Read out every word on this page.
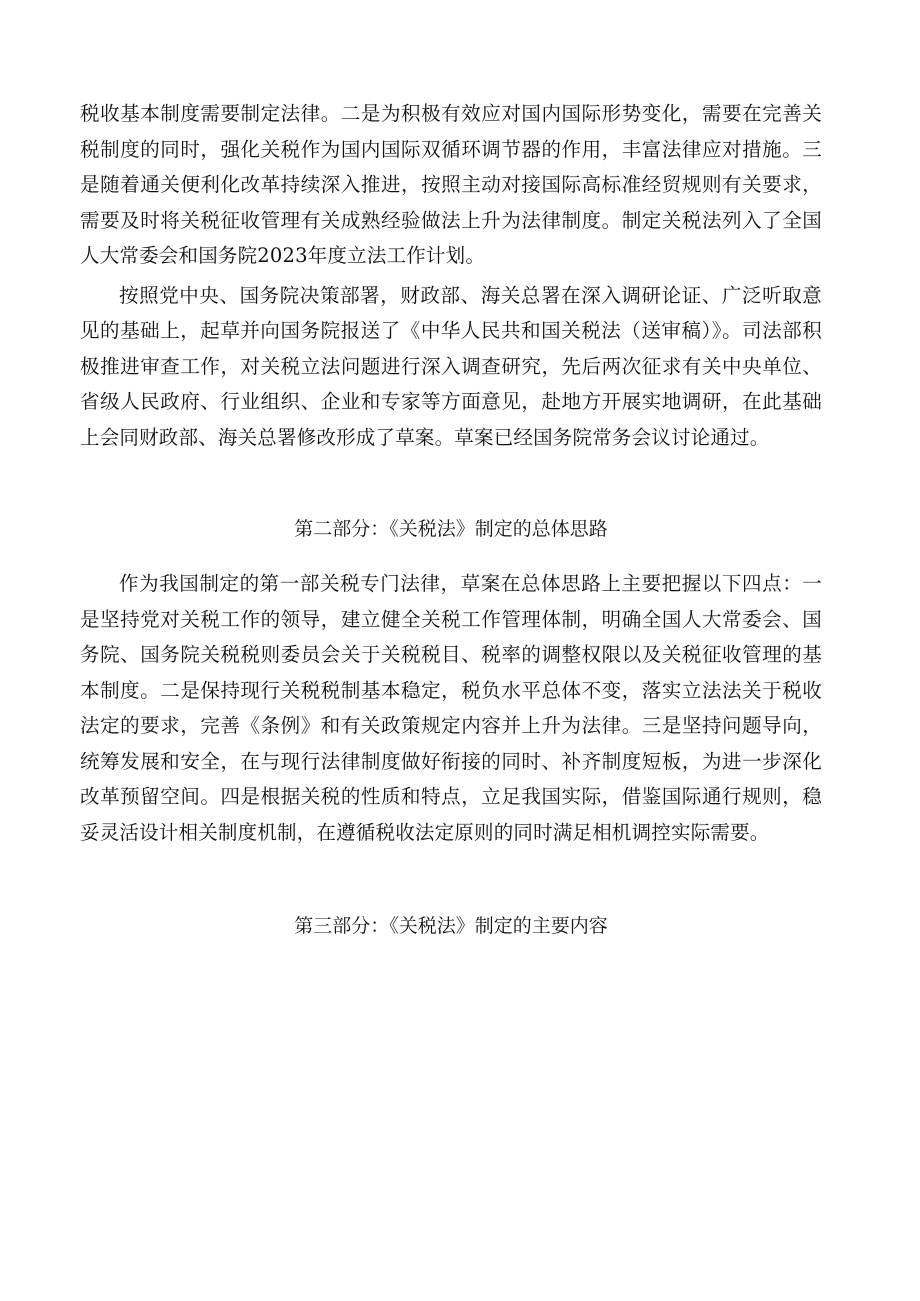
税收基本制度需要制定法律。二是为积极有效应对国内国际形势变化，需要在完善关税制度的同时，强化关税作为国内国际双循环调节器的作用，丰富法律应对措施。三是随着通关便利化改革持续深入推进，按照主动对接国际高标准经贸规则有关要求，需要及时将关税征收管理有关成熟经验做法上升为法律制度。制定关税法列入了全国人大常委会和国务院2023年度立法工作计划。

按照党中央、国务院决策部署，财政部、海关总署在深入调研论证、广泛听取意见的基础上，起草并向国务院报送了《中华人民共和国关税法（送审稿）》。司法部积极推进审查工作，对关税立法问题进行深入调查研究，先后两次征求有关中央单位、省级人民政府、行业组织、企业和专家等方面意见，赴地方开展实地调研，在此基础上会同财政部、海关总署修改形成了草案。草案已经国务院常务会议讨论通过。

第二部分：《关税法》制定的总体思路

作为我国制定的第一部关税专门法律，草案在总体思路上主要把握以下四点：一是坚持党对关税工作的领导，建立健全关税工作管理体制，明确全国人大常委会、国务院、国务院关税税则委员会关于关税税目、税率的调整权限以及关税征收管理的基本制度。二是保持现行关税税制基本稳定，税负水平总体不变，落实立法法关于税收法定的要求，完善《条例》和有关政策规定内容并上升为法律。三是坚持问题导向，统筹发展和安全，在与现行法律制度做好衔接的同时、补齐制度短板，为进一步深化改革预留空间。四是根据关税的性质和特点，立足我国实际，借鉴国际通行规则，稳妥灵活设计相关制度机制，在遵循税收法定原则的同时满足相机调控实际需要。

第三部分：《关税法》制定的主要内容
